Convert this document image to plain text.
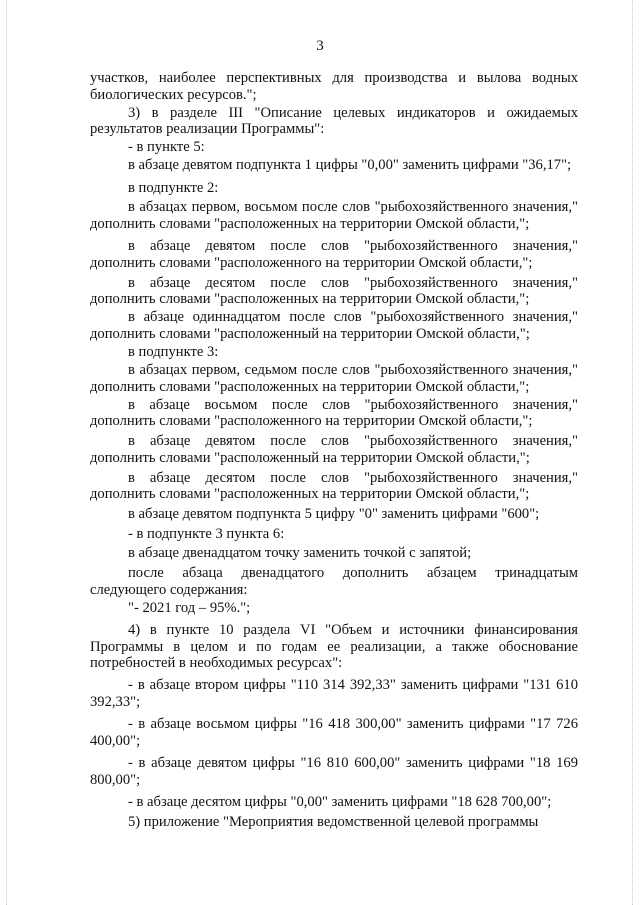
3

участков, наиболее перспективных для производства и вылова водных биологических ресурсов.";

3) в разделе III "Описание целевых индикаторов и ожидаемых результатов реализации Программы":

- в пункте 5:

в абзаце девятом подпункта 1 цифры "0,00" заменить цифрами "36,17";

в подпункте 2:

в абзацах первом, восьмом после слов "рыбохозяйственного значения," дополнить словами "расположенных на территории Омской области,";

в абзаце девятом после слов "рыбохозяйственного значения," дополнить словами "расположенного на территории Омской области,";

в абзаце десятом после слов "рыбохозяйственного значения," дополнить словами "расположенных на территории Омской области,";

в абзаце одиннадцатом после слов "рыбохозяйственного значения," дополнить словами "расположенный на территории Омской области,";

в подпункте 3:

в абзацах первом, седьмом после слов "рыбохозяйственного значения," дополнить словами "расположенных на территории Омской области,";

в абзаце восьмом после слов "рыбохозяйственного значения," дополнить словами "расположенного на территории Омской области,";

в абзаце девятом после слов "рыбохозяйственного значения," дополнить словами "расположенный на территории Омской области,";

в абзаце десятом после слов "рыбохозяйственного значения," дополнить словами "расположенных на территории Омской области,";

в абзаце девятом подпункта 5 цифру "0" заменить цифрами "600";

- в подпункте 3 пункта 6:

в абзаце двенадцатом точку заменить точкой с запятой;

после абзаца двенадцатого дополнить абзацем тринадцатым следующего содержания:

"- 2021 год – 95%.";

4) в пункте 10 раздела VI "Объем и источники финансирования Программы в целом и по годам ее реализации, а также обоснование потребностей в необходимых ресурсах":

- в абзаце втором цифры "110 314 392,33" заменить цифрами "131 610 392,33";

- в абзаце восьмом цифры "16 418 300,00" заменить цифрами "17 726 400,00";

- в абзаце девятом цифры "16 810 600,00" заменить цифрами "18 169 800,00";

- в абзаце десятом цифры "0,00" заменить цифрами "18 628 700,00";

5) приложение "Мероприятия ведомственной целевой программы
